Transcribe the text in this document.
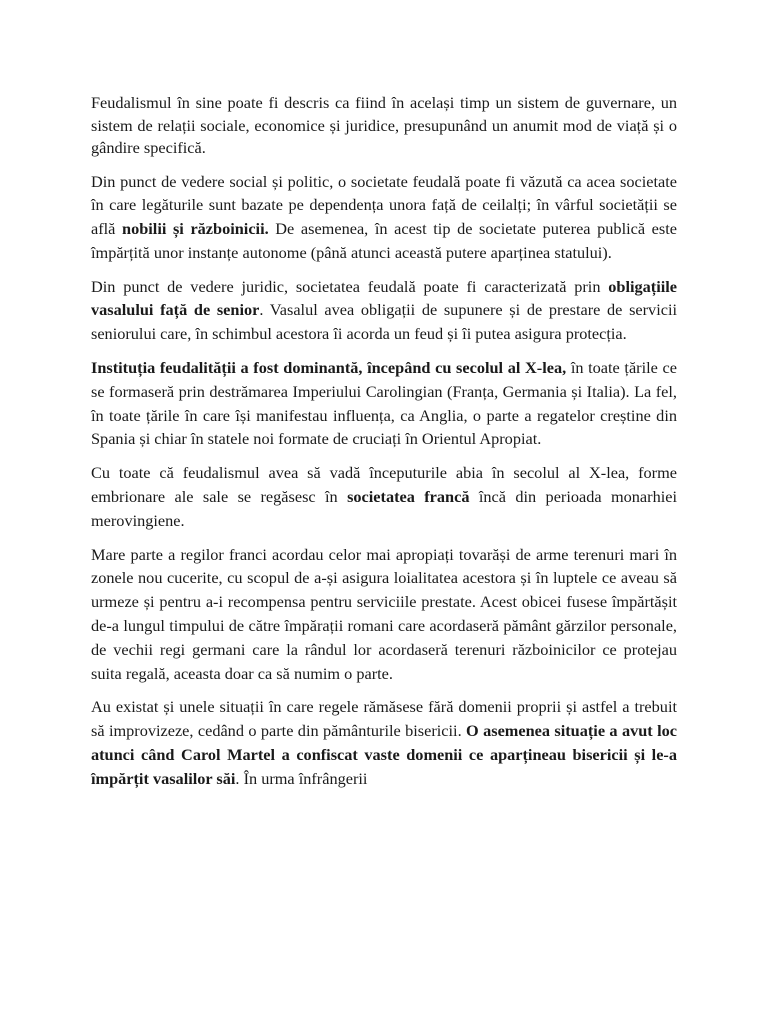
Feudalismul în sine poate fi descris ca fiind în același timp un sistem de guvernare, un sistem de relații sociale, economice și juridice, presupunând un anumit mod de viață și o gândire specifică.

Din punct de vedere social și politic, o societate feudală poate fi văzută ca acea societate în care legăturile sunt bazate pe dependența unora față de ceilalți; în vârful societății se află nobilii și războinicii. De asemenea, în acest tip de societate puterea publică este împărțită unor instanțe autonome (până atunci această putere aparținea statului).

Din punct de vedere juridic, societatea feudală poate fi caracterizată prin obligațiile vasalului față de senior. Vasalul avea obligații de supunere și de prestare de servicii seniorului care, în schimbul acestora îi acorda un feud și îi putea asigura protecția.

Instituția feudalității a fost dominantă, începând cu secolul al X-lea, în toate țările ce se formaseră prin destrămarea Imperiului Carolingian (Franța, Germania și Italia). La fel, în toate țările în care își manifestau influența, ca Anglia, o parte a regatelor creștine din Spania și chiar în statele noi formate de cruciați în Orientul Apropiat.

Cu toate că feudalismul avea să vadă începuturile abia în secolul al X-lea, forme embrionare ale sale se regăsesc în societatea francă încă din perioada monarhiei merovingiene.

Mare parte a regilor franci acordau celor mai apropiați tovarăși de arme terenuri mari în zonele nou cucerite, cu scopul de a-și asigura loialitatea acestora și în luptele ce aveau să urmeze și pentru a-i recompensa pentru serviciile prestate. Acest obicei fusese împărtășit de-a lungul timpului de către împărații romani care acordaseră pământ gărzilor personale, de vechii regi germani care la rândul lor acordaseră terenuri războinicilor ce protejau suita regală, aceasta doar ca să numim o parte.

Au existat și unele situații în care regele rămăsese fără domenii proprii și astfel a trebuit să improvizeze, cedând o parte din pământurile bisericii. O asemenea situație a avut loc atunci când Carol Martel a confiscat vaste domenii ce aparțineau bisericii și le-a împărțit vasalilor săi. În urma înfrângerii
